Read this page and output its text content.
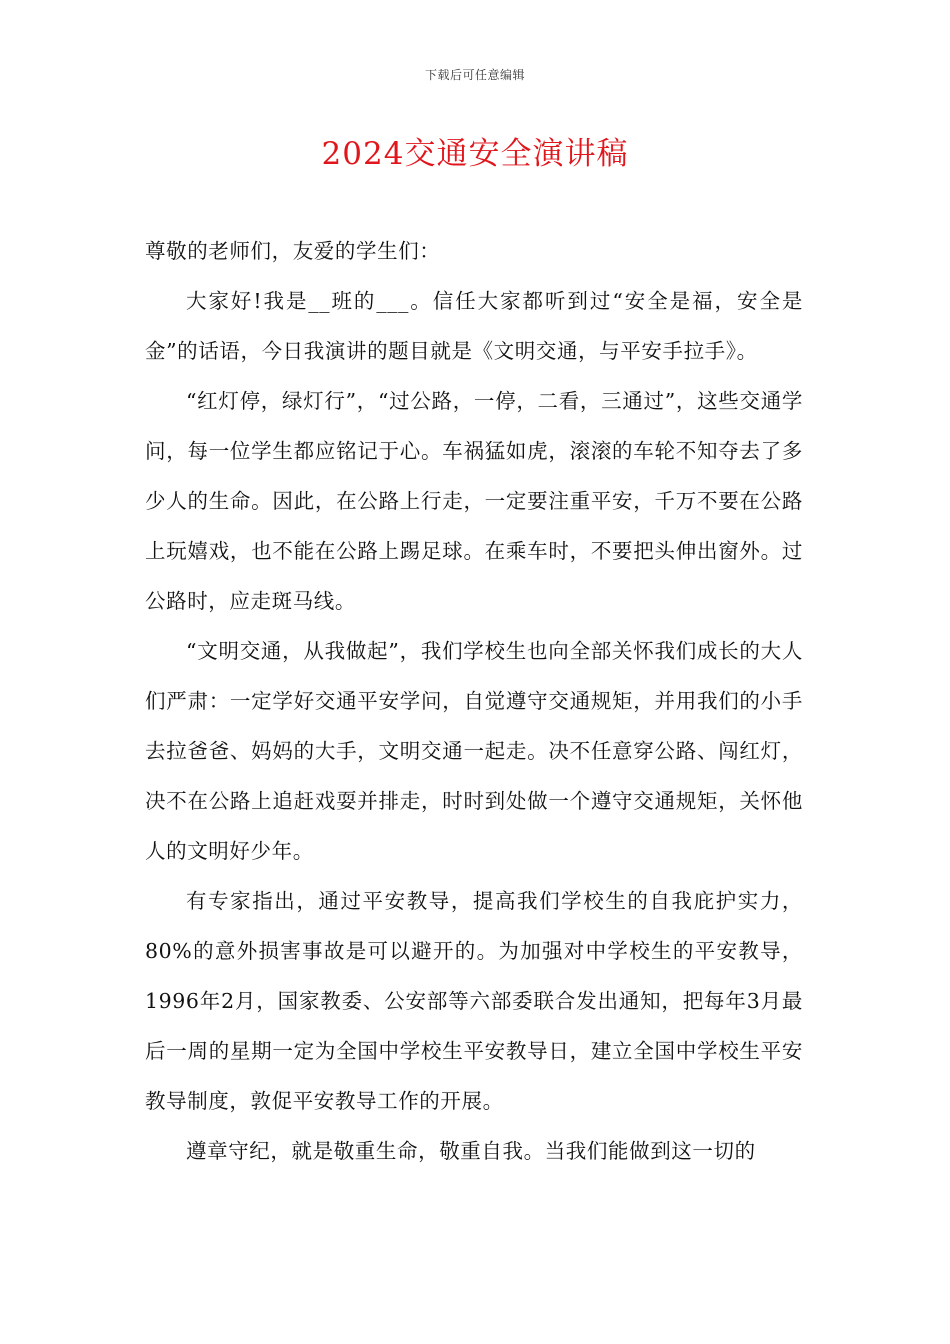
下载后可任意编辑
2024交通安全演讲稿

尊敬的老师们，友爱的学生们：

大家好!我是__班的___。信任大家都听到过“安全是福，安全是金”的话语，今日我演讲的题目就是《文明交通，与平安手拉手》。

“红灯停，绿灯行”，“过公路，一停，二看，三通过”，这些交通学问，每一位学生都应铭记于心。车祸猛如虎，滚滚的车轮不知夺去了多少人的生命。因此，在公路上行走，一定要注重平安，千万不要在公路上玩嬉戏，也不能在公路上踢足球。在乘车时，不要把头伸出窗外。过公路时，应走斑马线。

“文明交通，从我做起”，我们学校生也向全部关怀我们成长的大人们严肃：一定学好交通平安学问，自觉遵守交通规矩，并用我们的小手去拉爸爸、妈妈的大手，文明交通一起走。决不任意穿公路、闯红灯，决不在公路上追赶戏耍并排走，时时到处做一个遵守交通规矩，关怀他人的文明好少年。

有专家指出，通过平安教导，提高我们学校生的自我庇护实力，80%的意外损害事故是可以避开的。为加强对中学校生的平安教导，1996年2月，国家教委、公安部等六部委联合发出通知，把每年3月最后一周的星期一定为全国中学校生平安教导日，建立全国中学校生平安教导制度，敦促平安教导工作的开展。

遵章守纪，就是敬重生命，敬重自我。当我们能做到这一切的
